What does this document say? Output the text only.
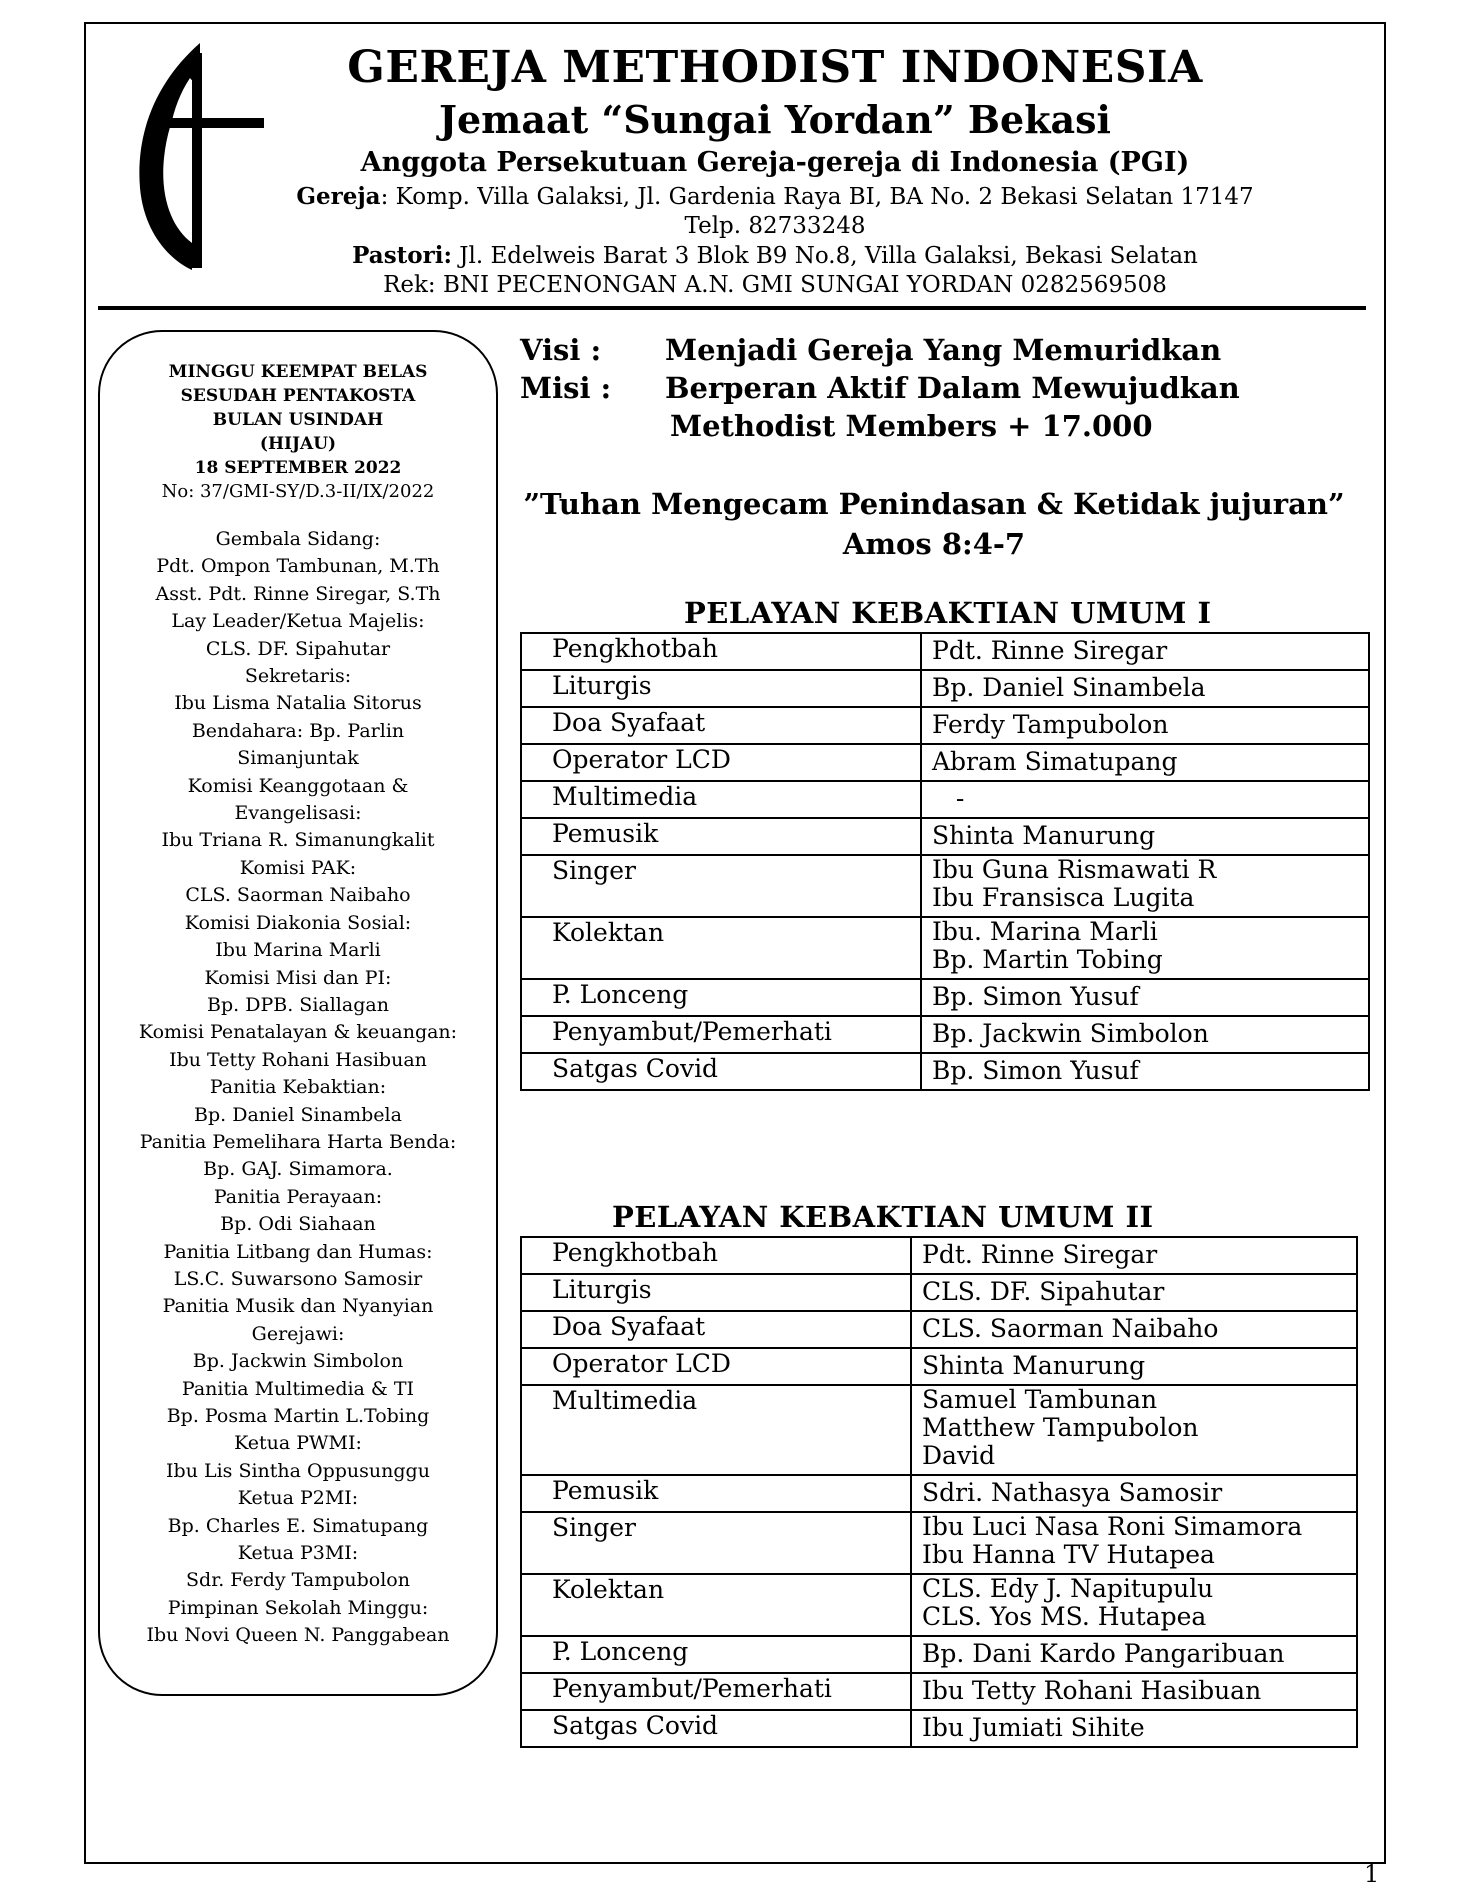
GEREJA METHODIST INDONESIA
Jemaat “Sungai Yordan” Bekasi
Anggota Persekutuan Gereja-gereja di Indonesia (PGI)
Gereja: Komp. Villa Galaksi, Jl. Gardenia Raya BI, BA No. 2 Bekasi Selatan 17147
Telp. 82733248
Pastori: Jl. Edelweis Barat 3 Blok B9 No.8, Villa Galaksi, Bekasi Selatan
Rek: BNI PECENONGAN A.N. GMI SUNGAI YORDAN 0282569508
MINGGU KEEMPAT BELAS
SESUDAH PENTAKOSTA
BULAN USINDAH
(HIJAU)
18 SEPTEMBER 2022
No: 37/GMI-SY/D.3-II/IX/2022
Gembala Sidang:
Pdt. Ompon Tambunan, M.Th
Asst. Pdt. Rinne Siregar, S.Th
Lay Leader/Ketua Majelis:
CLS. DF. Sipahutar
Sekretaris:
Ibu Lisma Natalia Sitorus
Bendahara: Bp. Parlin
Simanjuntak
Komisi Keanggotaan &
Evangelisasi:
Ibu Triana R. Simanungkalit
Komisi PAK:
CLS. Saorman Naibaho
Komisi Diakonia Sosial:
Ibu Marina Marli
Komisi Misi dan PI:
Bp. DPB. Siallagan
Komisi Penatalayan & keuangan:
Ibu Tetty Rohani Hasibuan
Panitia Kebaktian:
Bp. Daniel Sinambela
Panitia Pemelihara Harta Benda:
Bp. GAJ. Simamora.
Panitia Perayaan:
Bp. Odi Siahaan
Panitia Litbang dan Humas:
LS.C. Suwarsono Samosir
Panitia Musik dan Nyanyian
Gerejawi:
Bp. Jackwin Simbolon
Panitia Multimedia & TI
Bp. Posma Martin L.Tobing
Ketua PWMI:
Ibu Lis Sintha Oppusunggu
Ketua P2MI:
Bp. Charles E. Simatupang
Ketua P3MI:
Sdr. Ferdy Tampubolon
Pimpinan Sekolah Minggu:
Ibu Novi Queen N. Panggabean
Visi :	Menjadi Gereja Yang Memuridkan
Misi :	Berperan Aktif Dalam Mewujudkan
Methodist Members + 17.000
”Tuhan Mengecam Penindasan & Ketidak jujuran”
Amos 8:4-7
PELAYAN KEBAKTIAN UMUM I
Pengkhotbah	Pdt. Rinne Siregar

Liturgis	Bp. Daniel Sinambela

Doa Syafaat	Ferdy Tampubolon

Operator LCD	Abram Simatupang

Multimedia	-

Pemusik	Shinta Manurung

Singer	Ibu Guna Rismawati R
Ibu Fransisca Lugita

Kolektan	Ibu. Marina Marli
Bp. Martin Tobing

P. Lonceng	Bp. Simon Yusuf

Penyambut/Pemerhati	Bp. Jackwin Simbolon

Satgas Covid	Bp. Simon Yusuf
PELAYAN KEBAKTIAN UMUM II
Pengkhotbah	Pdt. Rinne Siregar

Liturgis	CLS. DF. Sipahutar

Doa Syafaat	CLS. Saorman Naibaho

Operator LCD	Shinta Manurung

Multimedia	Samuel Tambunan
Matthew Tampubolon
David

Pemusik	Sdri. Nathasya Samosir

Singer	Ibu Luci Nasa Roni Simamora
Ibu Hanna TV Hutapea

Kolektan	CLS. Edy J. Napitupulu
CLS. Yos MS. Hutapea

P. Lonceng	Bp. Dani Kardo Pangaribuan

Penyambut/Pemerhati	Ibu Tetty Rohani Hasibuan

Satgas Covid	Ibu Jumiati Sihite
1
